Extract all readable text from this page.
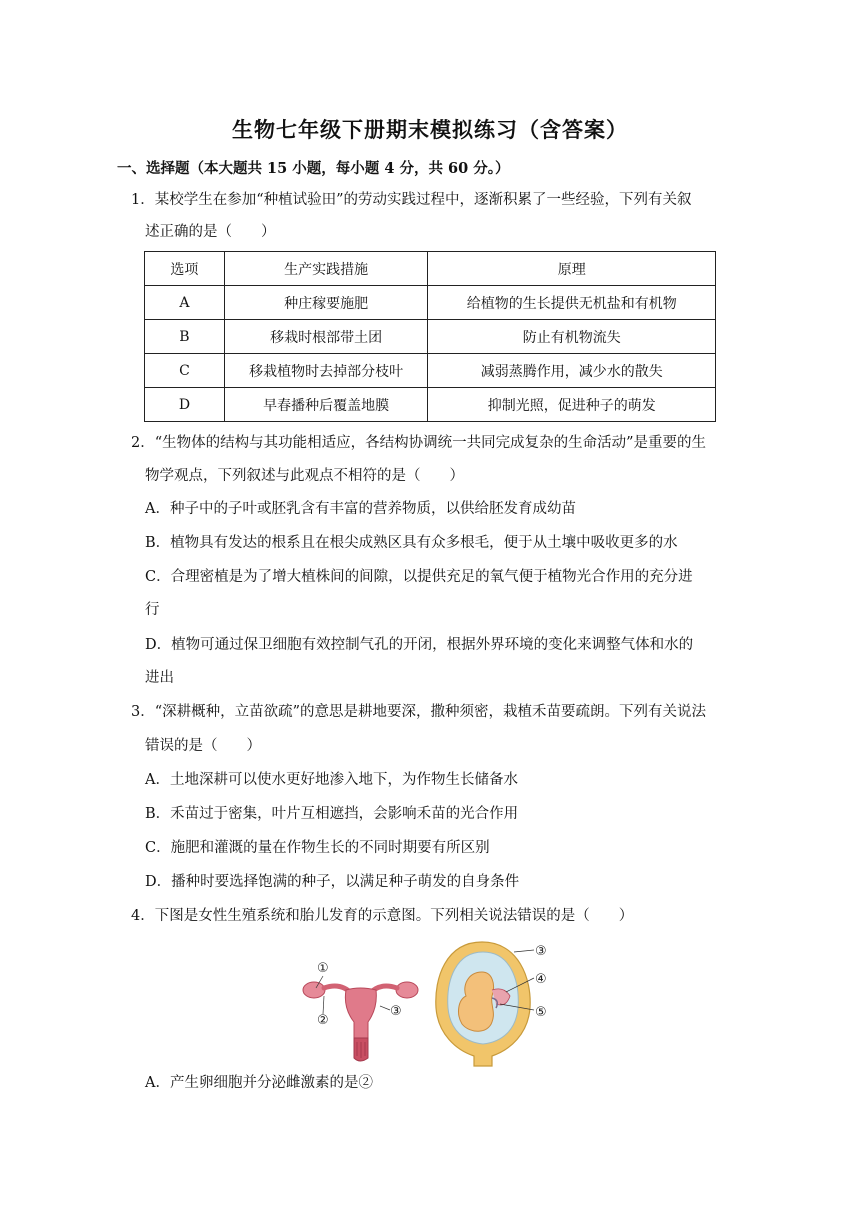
生物七年级下册期末模拟练习（含答案）
一、选择题（本大题共 15 小题，每小题 4 分，共 60 分。）
1．某校学生在参加“种植试验田”的劳动实践过程中，逐渐积累了一些经验，下列有关叙
述正确的是（　　）
选项	生产实践措施	原理
A	种庄稼要施肥	给植物的生长提供无机盐和有机物
B	移栽时根部带土团	防止有机物流失
C	移栽植物时去掉部分枝叶	减弱蒸腾作用，减少水的散失
D	早春播种后覆盖地膜	抑制光照，促进种子的萌发
2．“生物体的结构与其功能相适应，各结构协调统一共同完成复杂的生命活动”是重要的生
物学观点，下列叙述与此观点不相符的是（　　）
A．种子中的子叶或胚乳含有丰富的营养物质，以供给胚发育成幼苗
B．植物具有发达的根系且在根尖成熟区具有众多根毛，便于从土壤中吸收更多的水
C．合理密植是为了增大植株间的间隙，以提供充足的氧气便于植物光合作用的充分进
行
D．植物可通过保卫细胞有效控制气孔的开闭，根据外界环境的变化来调整气体和水的
进出
3．“深耕概种，立苗欲疏”的意思是耕地要深，撒种须密，栽植禾苗要疏朗。下列有关说法
错误的是（　　）
A．土地深耕可以使水更好地渗入地下，为作物生长储备水
B．禾苗过于密集，叶片互相遮挡，会影响禾苗的光合作用
C．施肥和灌溉的量在作物生长的不同时期要有所区别
D．播种时要选择饱满的种子，以满足种子萌发的自身条件
4．下图是女性生殖系统和胎儿发育的示意图。下列相关说法错误的是（　　）
①
②
③
③
④
⑤
A．产生卵细胞并分泌雌激素的是②
